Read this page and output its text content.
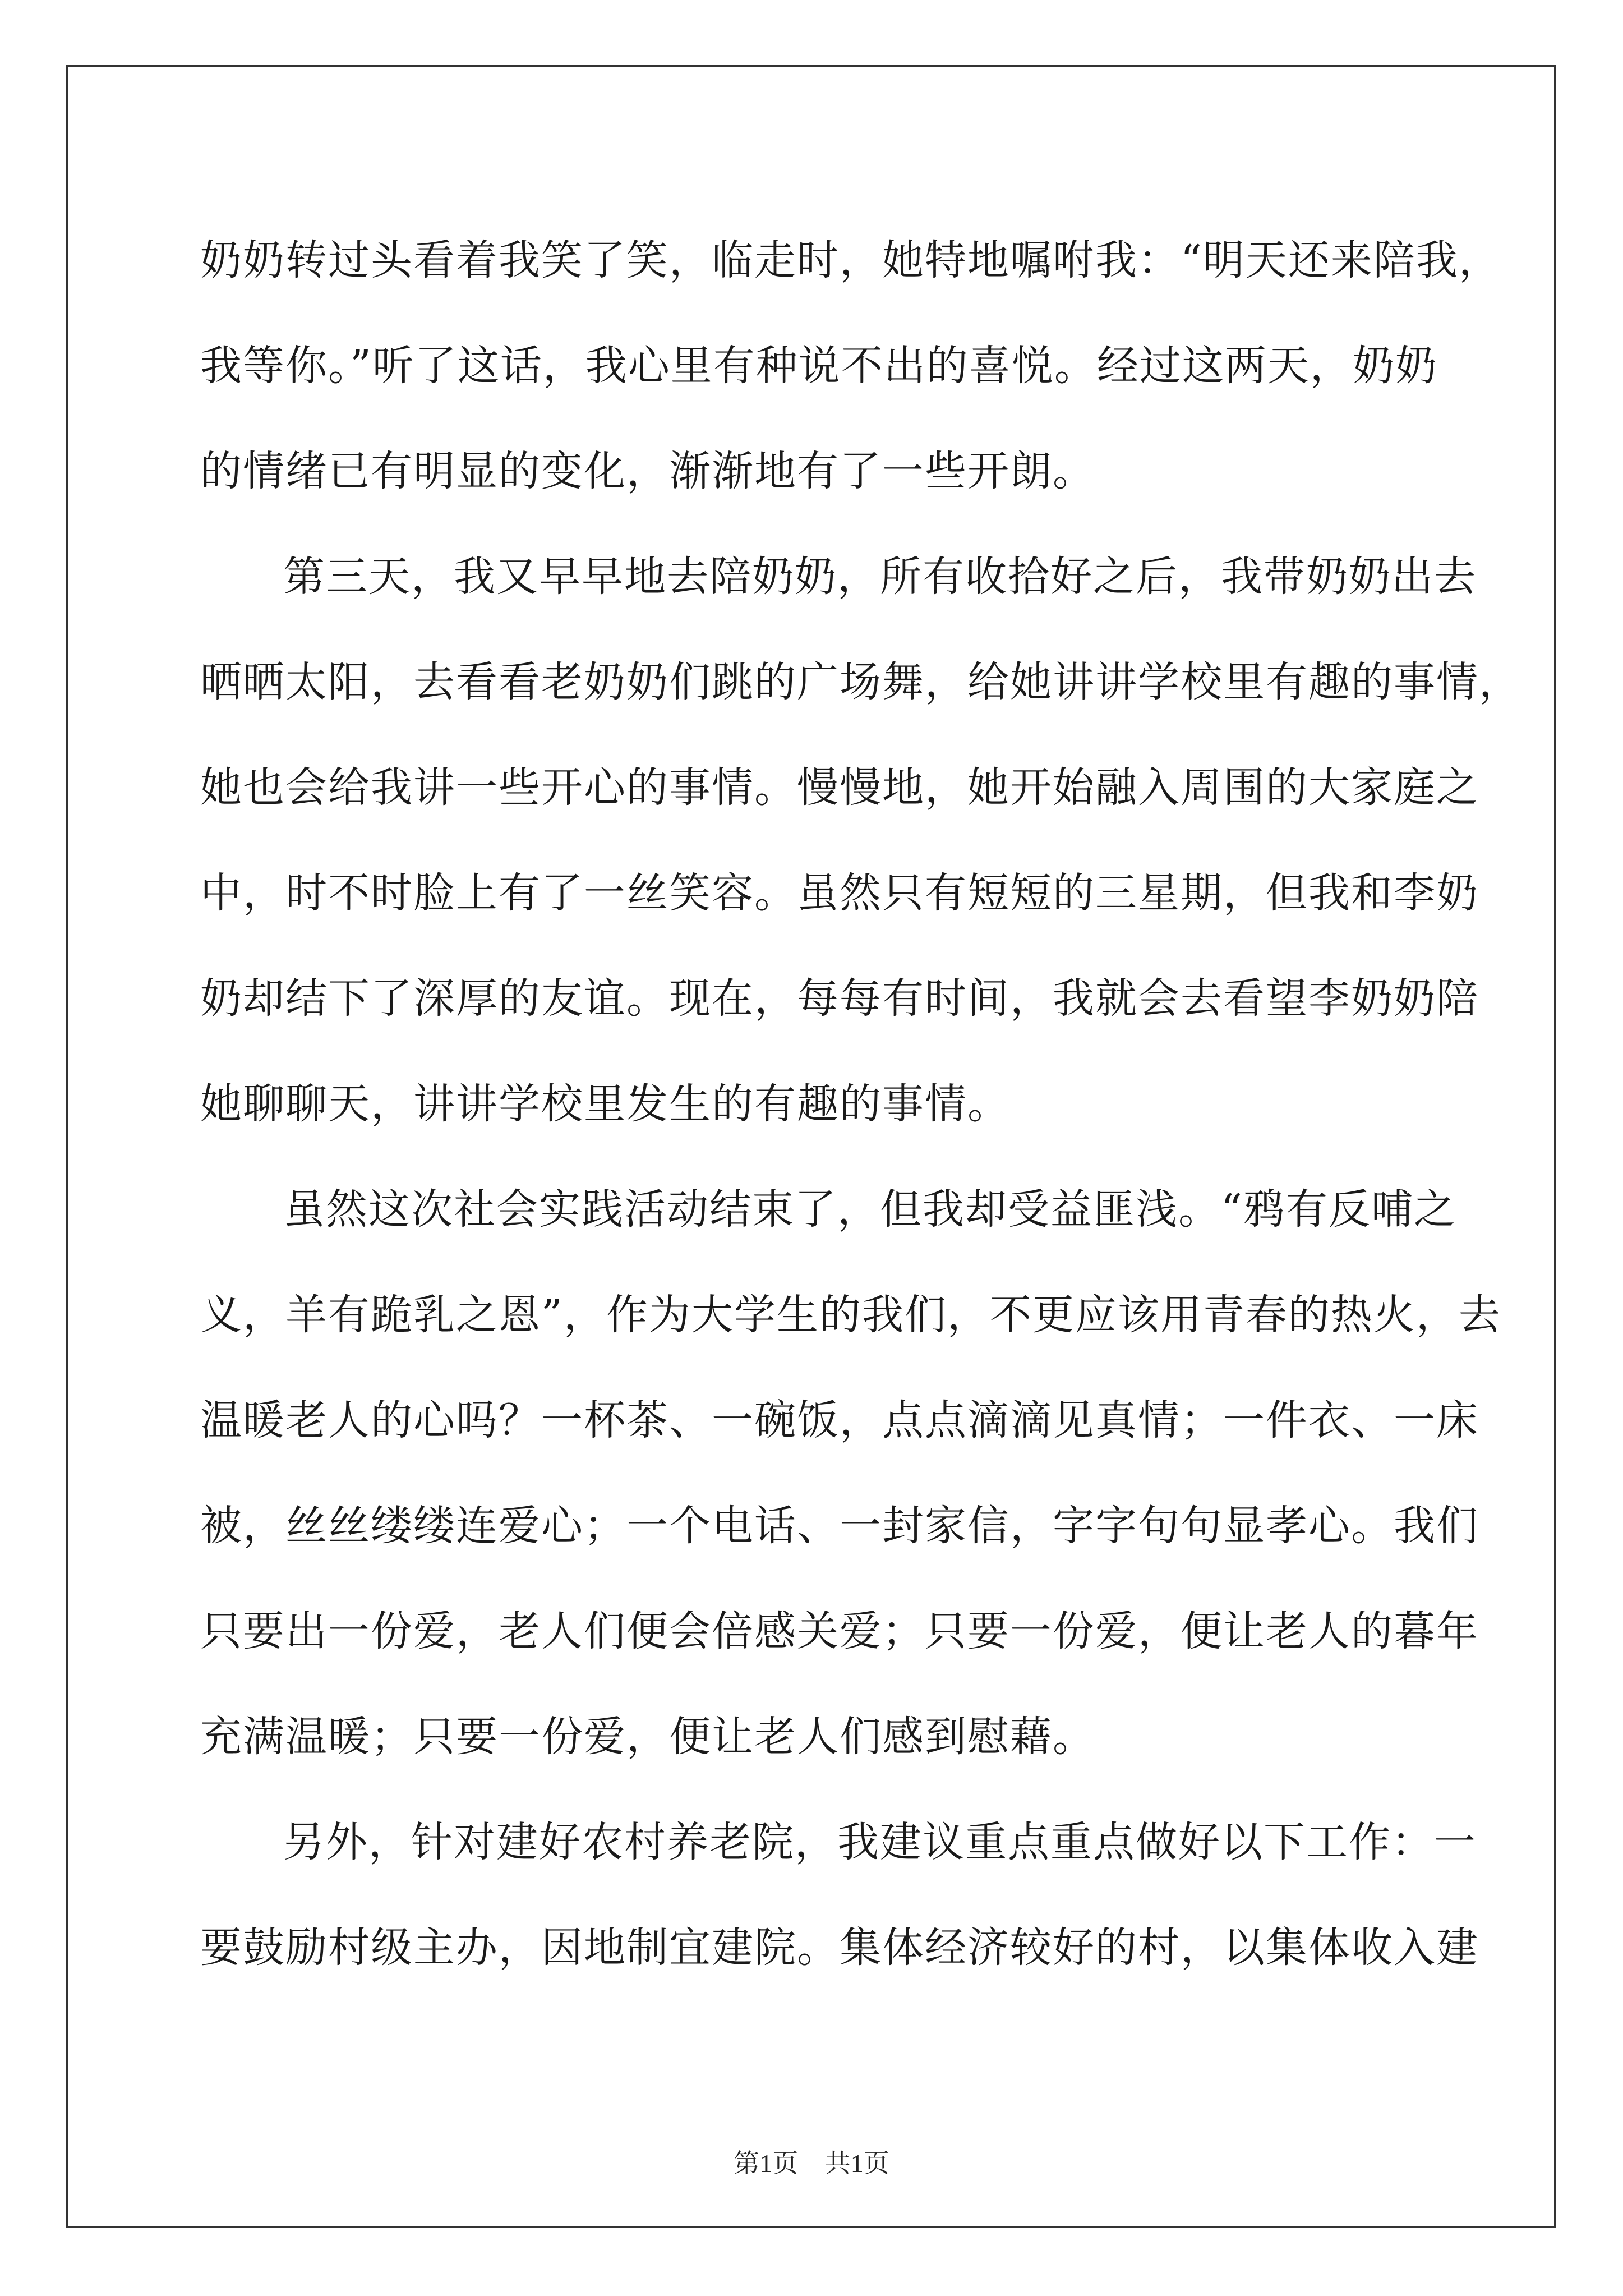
奶奶转过头看着我笑了笑，临走时，她特地嘱咐我：“明天还来陪我，
我等你。”听了这话，我心里有种说不出的喜悦。经过这两天，奶奶
的情绪已有明显的变化，渐渐地有了一些开朗。
第三天，我又早早地去陪奶奶，所有收拾好之后，我带奶奶出去
晒晒太阳，去看看老奶奶们跳的广场舞，给她讲讲学校里有趣的事情，
她也会给我讲一些开心的事情。慢慢地，她开始融入周围的大家庭之
中，时不时脸上有了一丝笑容。虽然只有短短的三星期，但我和李奶
奶却结下了深厚的友谊。现在，每每有时间，我就会去看望李奶奶陪
她聊聊天，讲讲学校里发生的有趣的事情。
虽然这次社会实践活动结束了，但我却受益匪浅。“鸦有反哺之
义，羊有跪乳之恩”，作为大学生的我们，不更应该用青春的热火，去
温暖老人的心吗？一杯茶、一碗饭，点点滴滴见真情；一件衣、一床
被，丝丝缕缕连爱心；一个电话、一封家信，字字句句显孝心。我们
只要出一份爱，老人们便会倍感关爱；只要一份爱，便让老人的暮年
充满温暖；只要一份爱，便让老人们感到慰藉。
另外，针对建好农村养老院，我建议重点重点做好以下工作：一
要鼓励村级主办，因地制宜建院。集体经济较好的村，以集体收入建
第1页 共1页
